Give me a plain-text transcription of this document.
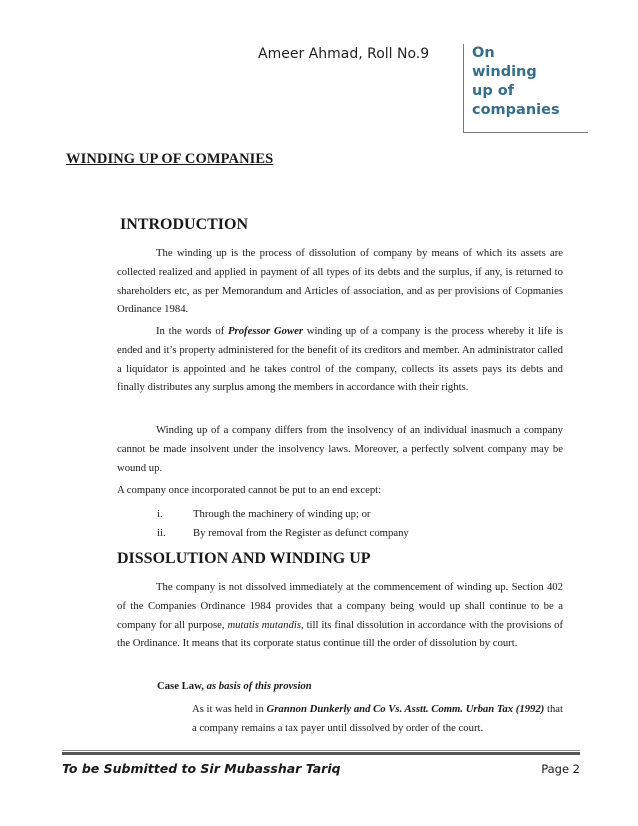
Ameer Ahmad, Roll No.9	On
winding
up of
companies
WINDING UP OF COMPANIES
INTRODUCTION

The winding up is the process of dissolution of company by means of which its assets are collected realized and applied in payment of all types of its debts and the surplus, if any, is returned to shareholders etc, as per Memorandum and Articles of association, and as per provisions of Copmanies Ordinance 1984.

In the words of Professor Gower winding up of a company is the process whereby it life is ended and it’s property administered for the benefit of its creditors and member. An administrator called a liquidator is appointed and he takes control of the company, collects its assets pays its debts and finally distributes any surplus among the members in accordance with their rights.

Winding up of a company differs from the insolvency of an individual inasmuch a company cannot be made insolvent under the insolvency laws. Moreover, a perfectly solvent company may be wound up.

A company once incorporated cannot be put to an end except:

i.	Through the machinery of winding up; or
ii.	By removal from the Register as defunct company
DISSOLUTION AND WINDING UP

The company is not dissolved immediately at the commencement of winding up. Section 402 of the Companies Ordinance 1984 provides that a company being would up shall continue to be a company for all purpose, mutatis mutandis, till its final dissolution in accordance with the provisions of the Ordinance. It means that its corporate status continue till the order of dissolution by court.

Case Law, as basis of this provsion

As it was held in Grannon Dunkerly and Co Vs. Asstt. Comm. Urban Tax (1992) that a company remains a tax payer until dissolved by order of the court.

To be Submitted to Sir Mubasshar Tariq	Page 2
